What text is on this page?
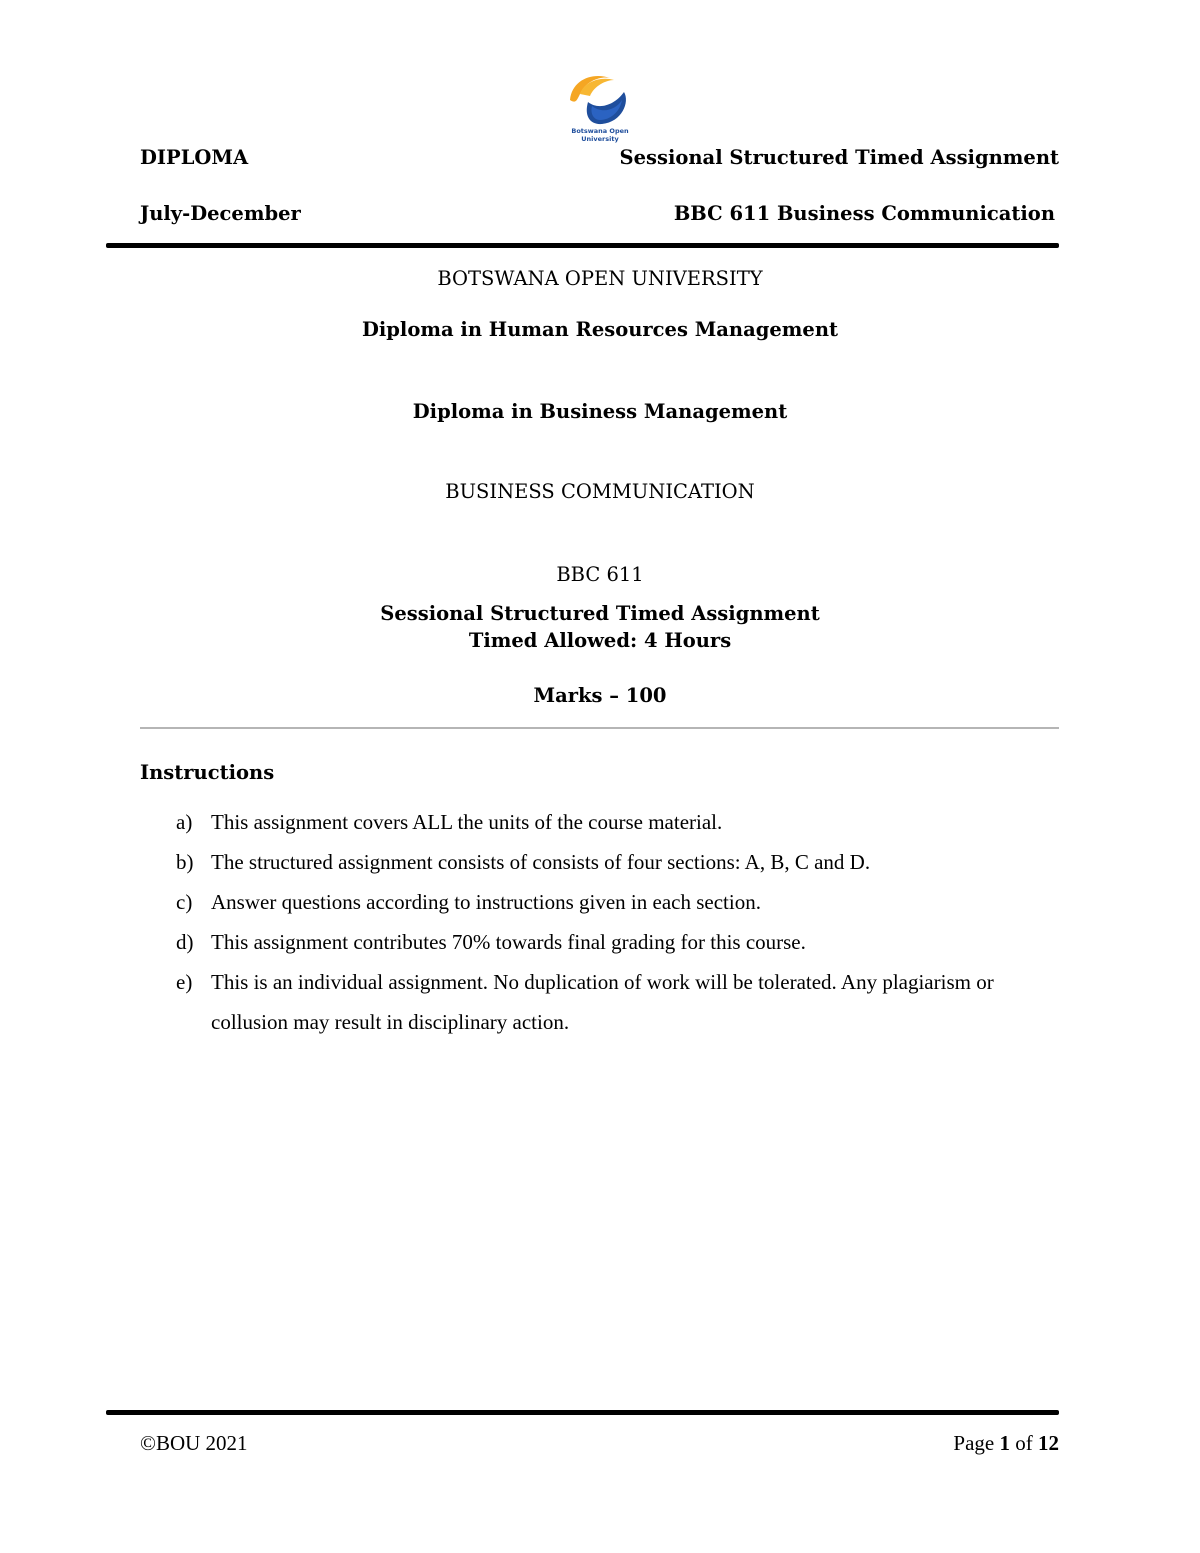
Botswana Open
University
DIPLOMA	Sessional Structured Timed Assignment
July-December	BBC 611 Business Communication
BOTSWANA OPEN UNIVERSITY
Diploma in Human Resources Management
Diploma in Business Management
BUSINESS COMMUNICATION
BBC 611
Sessional Structured Timed Assignment
Timed Allowed: 4 Hours
Marks – 100
Instructions
a) This assignment covers ALL the units of the course material.
b) The structured assignment consists of consists of four sections: A, B, C and D.
c) Answer questions according to instructions given in each section.
d) This assignment contributes 70% towards final grading for this course.
e) This is an individual assignment. No duplication of work will be tolerated. Any plagiarism or collusion may result in disciplinary action.
©BOU 2021	Page 1 of 12
